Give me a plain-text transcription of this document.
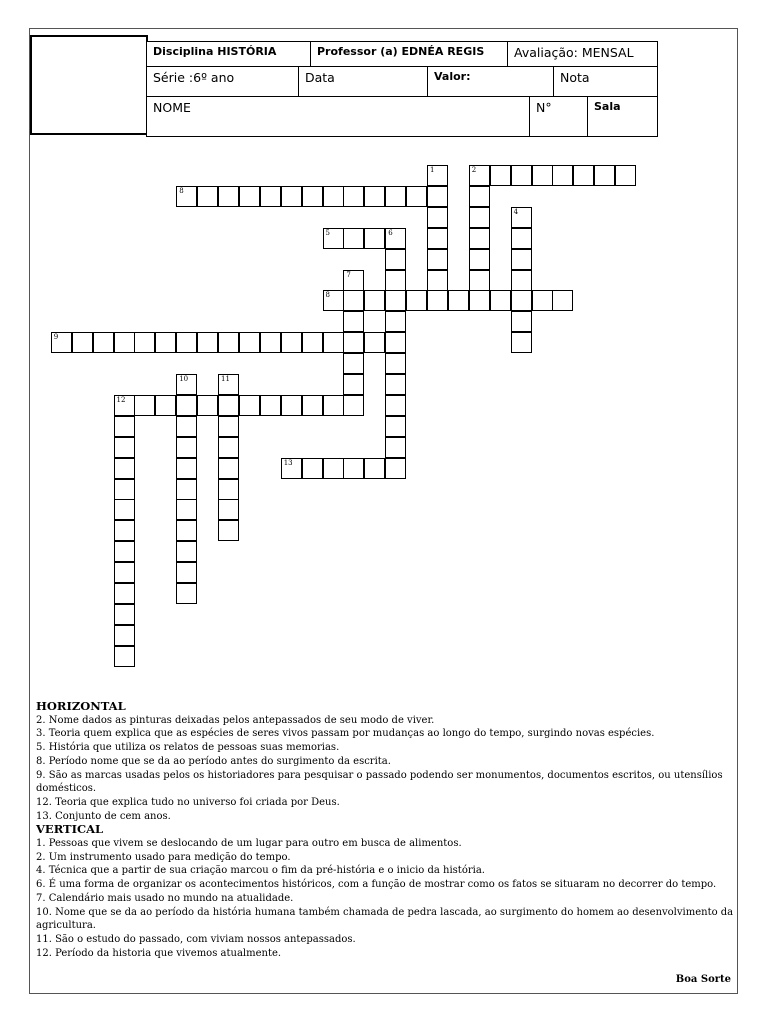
Disciplina HISTÓRIA	Professor (a) EDNÉA REGIS	Avaliação: MENSAL
Série :6º ano	Data	Valor:	Nota
NOME	N°	Sala
1	2
8
4
5	6
7
8
9
10	11
12
13
HORIZONTAL
2. Nome dados as pinturas deixadas pelos antepassados de seu modo de viver.
3. Teoria quem explica que as espécies de seres vivos passam por mudanças ao longo do tempo, surgindo novas espécies.
5. História que utiliza os relatos de pessoas suas memorias.
8. Período nome que se da ao período antes do surgimento da escrita.
9. São as marcas usadas pelos os historiadores para pesquisar o passado podendo ser monumentos, documentos escritos, ou utensílios domésticos.
12. Teoria que explica tudo no universo foi criada por Deus.
13. Conjunto de cem anos.
VERTICAL
1. Pessoas que vivem se deslocando de um lugar para outro em busca de alimentos.
2. Um instrumento usado para medição do tempo.
4. Técnica que a partir de sua criação marcou o fim da pré-história e o inicio da história.
6. É uma forma de organizar os acontecimentos históricos, com a função de mostrar como os fatos se situaram no decorrer do tempo.
7. Calendário mais usado no mundo na atualidade.
10. Nome que se da ao período da história humana também chamada de pedra lascada, ao surgimento do homem ao desenvolvimento da agricultura.
11. São o estudo do passado, com viviam nossos antepassados.
12. Período da historia que vivemos atualmente.
Boa Sorte
